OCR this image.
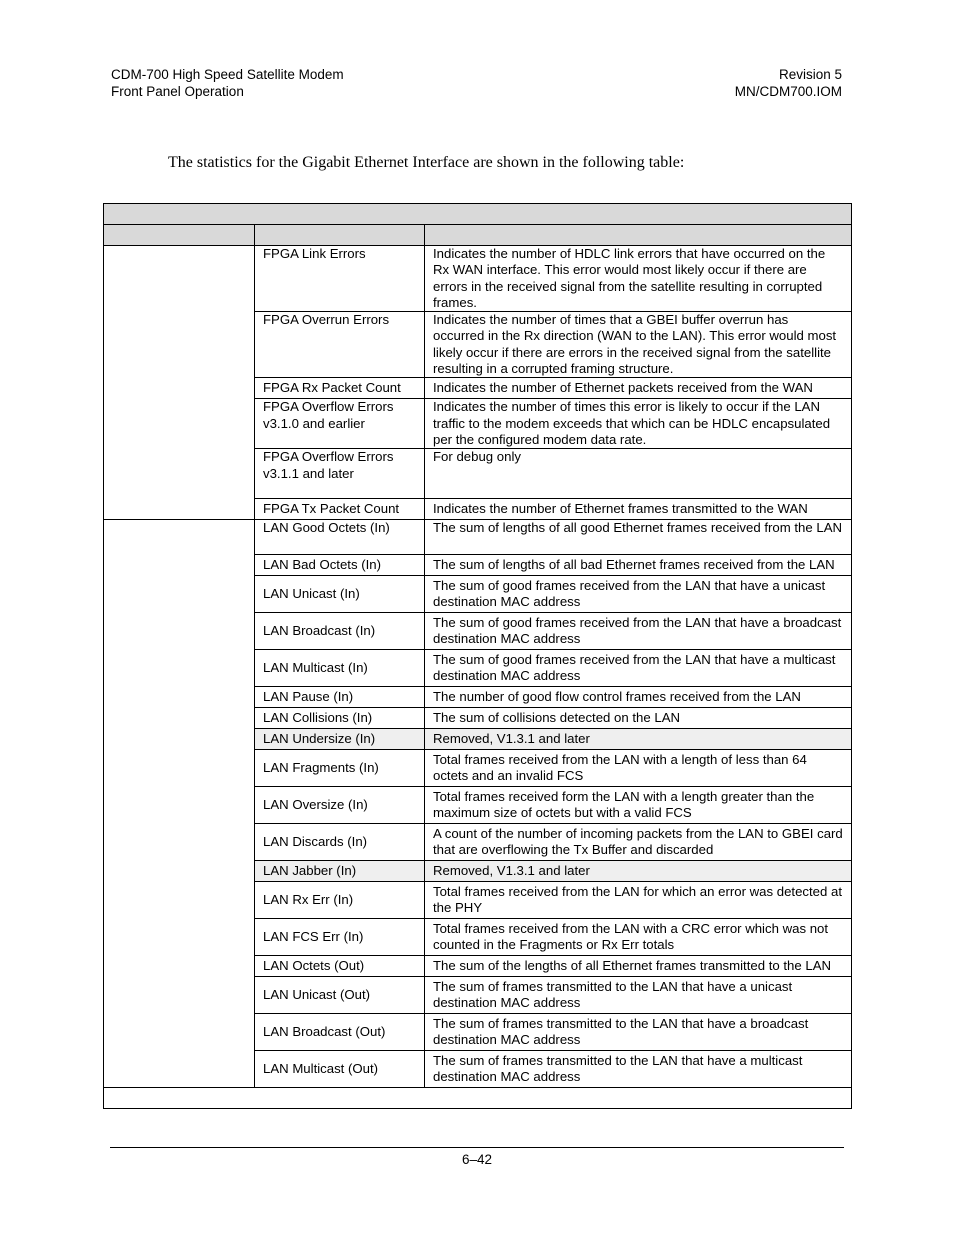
CDM-700 High Speed Satellite Modem
Front Panel Operation
Revision 5
MN/CDM700.IOM
The statistics for the Gigabit Ethernet Interface are shown in the following table:

	FPGA Link Errors	Indicates the number of HDLC link errors that have occurred on the Rx WAN interface. This error would most likely occur if there are errors in the received signal from the satellite resulting in corrupted frames.
	FPGA Overrun Errors	Indicates the number of times that a GBEI buffer overrun has occurred in the Rx direction (WAN to the LAN). This error would most likely occur if there are errors in the received signal from the satellite resulting in a corrupted framing structure.
	FPGA Rx Packet Count	Indicates the number of Ethernet packets received from the WAN
	FPGA Overflow Errors v3.1.0 and earlier	Indicates the number of times this error is likely to occur if the LAN traffic to the modem exceeds that which can be HDLC encapsulated per the configured modem data rate.
	FPGA Overflow Errors v3.1.1 and later	For debug only
	FPGA Tx Packet Count	Indicates the number of Ethernet frames transmitted to the WAN
	LAN Good Octets (In)	The sum of lengths of all good Ethernet frames received from the LAN
	LAN Bad Octets (In)	The sum of lengths of all bad Ethernet frames received from the LAN
	LAN Unicast (In)	The sum of good frames received from the LAN that have a unicast destination MAC address
	LAN Broadcast (In)	The sum of good frames received from the LAN that have a broadcast destination MAC address
	LAN Multicast (In)	The sum of good frames received from the LAN that have a multicast destination MAC address
	LAN Pause (In)	The number of good flow control frames received from the LAN
	LAN Collisions (In)	The sum of collisions detected on the LAN
	LAN Undersize (In)	Removed, V1.3.1 and later
	LAN Fragments (In)	Total frames received from the LAN with a length of less than 64 octets and an invalid FCS
	LAN Oversize (In)	Total frames received form the LAN with a length greater than the maximum size of octets but with a valid FCS
	LAN Discards (In)	A count of the number of incoming packets from the LAN to GBEI card that are overflowing the Tx Buffer and discarded
	LAN Jabber (In)	Removed, V1.3.1 and later
	LAN Rx Err (In)	Total frames received from the LAN for which an error was detected at the PHY
	LAN FCS Err (In)	Total frames received from the LAN with a CRC error which was not counted in the Fragments or Rx Err totals
	LAN Octets (Out)	The sum of the lengths of all Ethernet frames transmitted to the LAN
	LAN Unicast (Out)	The sum of frames transmitted to the LAN that have a unicast destination MAC address
	LAN Broadcast (Out)	The sum of frames transmitted to the LAN that have a broadcast destination MAC address
	LAN Multicast (Out)	The sum of frames transmitted to the LAN that have a multicast destination MAC address

6–42
